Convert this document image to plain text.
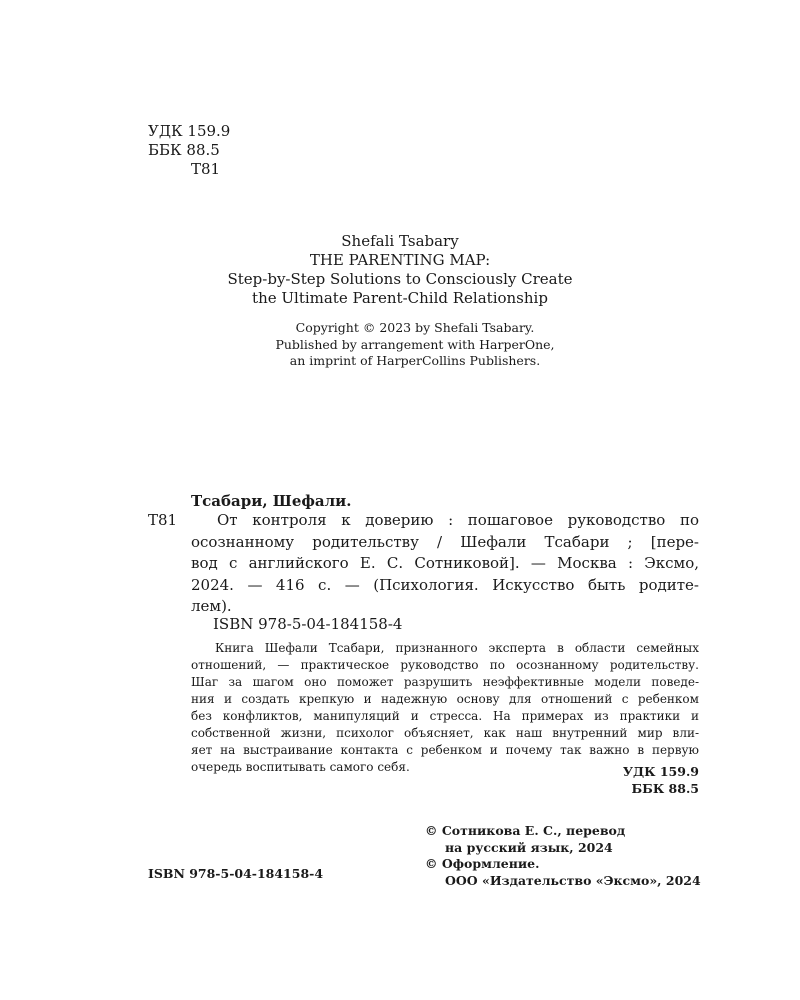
УДК 159.9
ББК 88.5
Т81
Shefali Tsabary
THE PARENTING MAP:
Step-by-Step Solutions to Consciously Create
the Ultimate Parent-Child Relationship
Copyright © 2023 by Shefali Tsabary.
Published by arrangement with HarperOne,
an imprint of HarperCollins Publishers.
Тсабари, Шефали.
Т81	От контроля к доверию : пошаговое руководство по
осознанному родительству / Шефали Тсабари ; [пере-
вод с английского Е. С. Сотниковой]. — Москва : Эксмо,
2024. — 416 с. — (Психология. Искусство быть родите-
лем).
ISBN 978-5-04-184158-4
Книга Шефали Тсабари, признанного эксперта в области семейных
отношений, — практическое руководство по осознанному родительству.
Шаг за шагом оно поможет разрушить неэффективные модели поведе-
ния и создать крепкую и надежную основу для отношений с ребенком
без конфликтов, манипуляций и стресса. На примерах из практики и
собственной жизни, психолог объясняет, как наш внутренний мир вли-
яет на выстраивание контакта с ребенком и почему так важно в первую
очередь воспитывать самого себя.	УДК 159.9
ББК 88.5
© Сотникова Е. С., перевод
на русский язык, 2024
© Оформление.
ООО «Издательство «Эксмо», 2024
ISBN 978-5-04-184158-4
